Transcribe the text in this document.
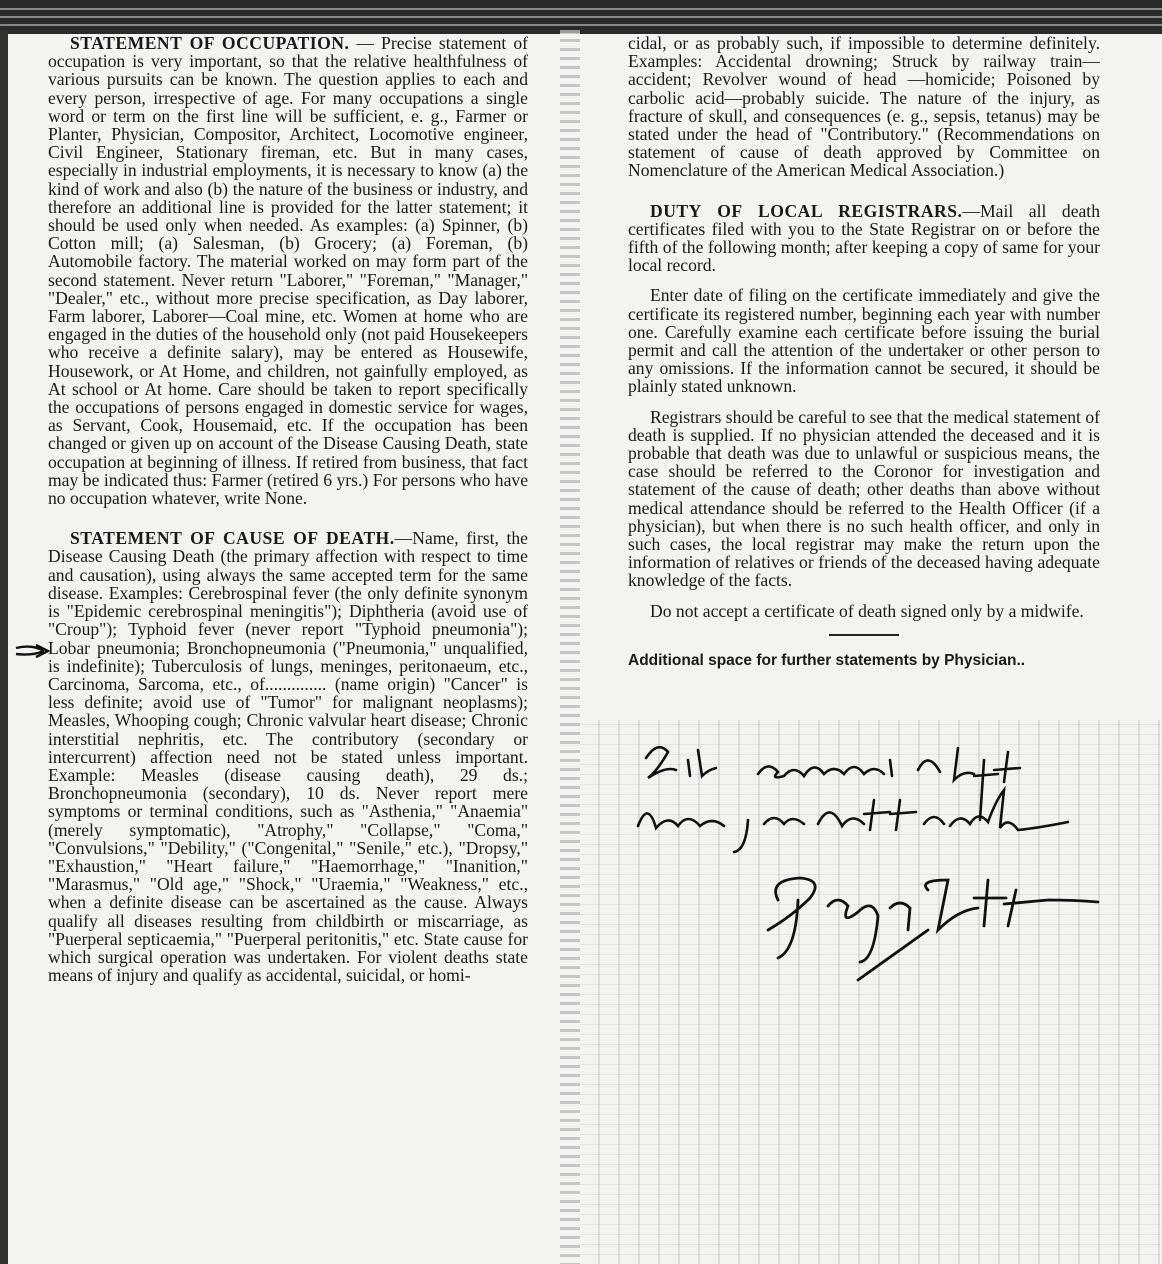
STATEMENT OF OCCUPATION. — Precise statement of occupation is very important, so that the relative healthfulness of various pursuits can be known. The question applies to each and every person, irrespective of age. For many occupations a single word or term on the first line will be sufficient, e. g., Farmer or Planter, Physician, Compositor, Architect, Locomotive engineer, Civil Engineer, Stationary fireman, etc. But in many cases, especially in industrial employments, it is necessary to know (a) the kind of work and also (b) the nature of the business or industry, and therefore an additional line is provided for the latter statement; it should be used only when needed. As examples: (a) Spinner, (b) Cotton mill; (a) Salesman, (b) Grocery; (a) Foreman, (b) Automobile factory. The material worked on may form part of the second statement. Never return "Laborer," "Foreman," "Manager," "Dealer," etc., without more precise specification, as Day laborer, Farm laborer, Laborer—Coal mine, etc. Women at home who are engaged in the duties of the household only (not paid Housekeepers who receive a definite salary), may be entered as Housewife, Housework, or At Home, and children, not gainfully employed, as At school or At home. Care should be taken to report specifically the occupations of persons engaged in domestic service for wages, as Servant, Cook, Housemaid, etc. If the occupation has been changed or given up on account of the Disease Causing Death, state occupation at beginning of illness. If retired from business, that fact may be indicated thus: Farmer (retired 6 yrs.) For persons who have no occupation whatever, write None.

STATEMENT OF CAUSE OF DEATH.—Name, first, the Disease Causing Death (the primary affection with respect to time and causation), using always the same accepted term for the same disease. Examples: Cerebrospinal fever (the only definite synonym is "Epidemic cerebrospinal meningitis"); Diphtheria (avoid use of "Croup"); Typhoid fever (never report "Typhoid pneumonia"); Lobar pneumonia; Bronchopneumonia ("Pneumonia," unqualified, is indefinite); Tuberculosis of lungs, meninges, peritonaeum, etc., Carcinoma, Sarcoma, etc., of.............. (name origin) "Cancer" is less definite; avoid use of "Tumor" for malignant neoplasms); Measles, Whooping cough; Chronic valvular heart disease; Chronic interstitial nephritis, etc. The contributory (secondary or intercurrent) affection need not be stated unless important. Example: Measles (disease causing death), 29 ds.; Bronchopneumonia (secondary), 10 ds. Never report mere symptoms or terminal conditions, such as "Asthenia," "Anaemia" (merely symptomatic), "Atrophy," "Collapse," "Coma," "Convulsions," "Debility," ("Congenital," "Senile," etc.), "Dropsy," "Exhaustion," "Heart failure," "Haemorrhage," "Inanition," "Marasmus," "Old age," "Shock," "Uraemia," "Weakness," etc., when a definite disease can be ascertained as the cause. Always qualify all diseases resulting from childbirth or miscarriage, as "Puerperal septicaemia," "Puerperal peritonitis," etc. State cause for which surgical operation was undertaken. For violent deaths state means of injury and qualify as accidental, suicidal, or homi-

cidal, or as probably such, if impossible to determine definitely. Examples: Accidental drowning; Struck by railway train—accident; Revolver wound of head —homicide; Poisoned by carbolic acid—probably suicide. The nature of the injury, as fracture of skull, and consequences (e. g., sepsis, tetanus) may be stated under the head of "Contributory." (Recommendations on statement of cause of death approved by Committee on Nomenclature of the American Medical Association.)

DUTY OF LOCAL REGISTRARS.—Mail all death certificates filed with you to the State Registrar on or before the fifth of the following month; after keeping a copy of same for your local record.

Enter date of filing on the certificate immediately and give the certificate its registered number, beginning each year with number one. Carefully examine each certificate before issuing the burial permit and call the attention of the undertaker or other person to any omissions. If the information cannot be secured, it should be plainly stated unknown.

Registrars should be careful to see that the medical statement of death is supplied. If no physician attended the deceased and it is probable that death was due to unlawful or suspicious means, the case should be referred to the Coronor for investigation and statement of the cause of death; other deaths than above without medical attendance should be referred to the Health Officer (if a physician), but when there is no such health officer, and only in such cases, the local registrar may make the return upon the information of relatives or friends of the deceased having adequate knowledge of the facts.

Do not accept a certificate of death signed only by a midwife.

Additional space for further statements by Physician..
